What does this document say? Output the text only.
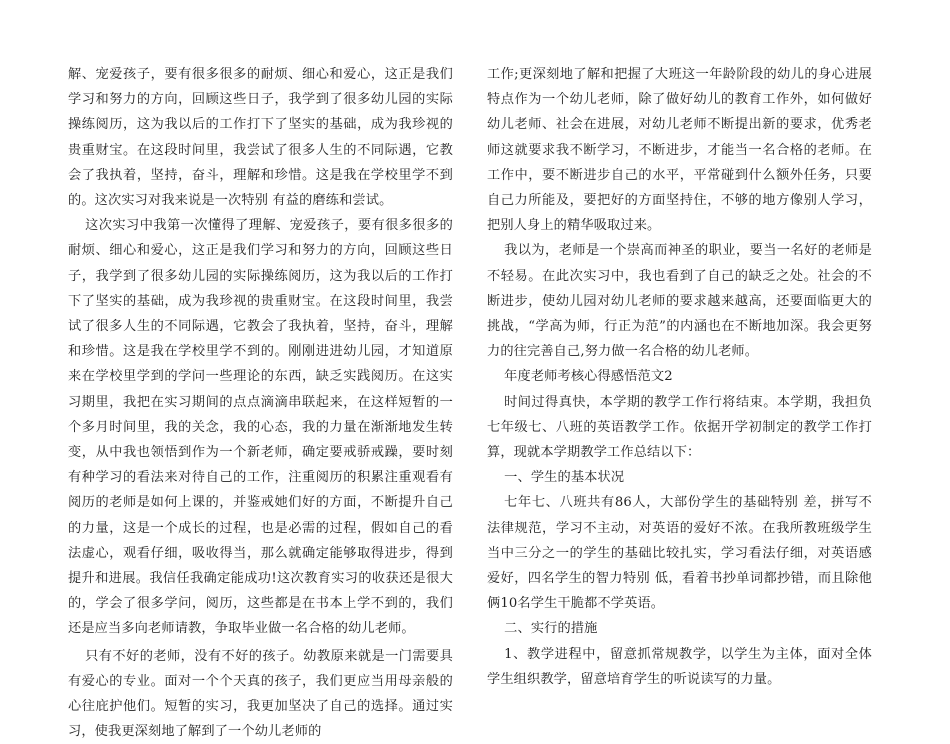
解、宠爱孩子，要有很多很多的耐烦、细心和爱心，这正是我们学习和努力的方向，回顾这些日子，我学到了很多幼儿园的实际操练阅历，这为我以后的工作打下了坚实的基础，成为我珍视的贵重财宝。在这段时间里，我尝试了很多人生的不同际遇，它教会了我执着，坚持，奋斗，理解和珍惜。这是我在学校里学不到的。这次实习对我来说是一次特别 有益的磨练和尝试。

这次实习中我第一次懂得了理解、宠爱孩子，要有很多很多的耐烦、细心和爱心，这正是我们学习和努力的方向，回顾这些日子，我学到了很多幼儿园的实际操练阅历，这为我以后的工作打下了坚实的基础，成为我珍视的贵重财宝。在这段时间里，我尝试了很多人生的不同际遇，它教会了我执着，坚持，奋斗，理解和珍惜。这是我在学校里学不到的。刚刚进进幼儿园，才知道原来在学校里学到的学问一些理论的东西，缺乏实践阅历。在这实习期里，我把在实习期间的点点滴滴串联起来，在这样短暂的一个多月时间里，我的关念，我的心态，我的力量在渐渐地发生转变，从中我也领悟到作为一个新老师，确定要戒骄戒躁，要时刻有种学习的看法来对待自己的工作，注重阅历的积累注重观看有阅历的老师是如何上课的，并鉴戒她们好的方面，不断提升自己的力量，这是一个成长的过程，也是必需的过程，假如自己的看法虚心，观看仔细，吸收得当，那么就确定能够取得进步，得到提升和进展。我信任我确定能成功!这次教育实习的收获还是很大的，学会了很多学问，阅历，这些都是在书本上学不到的，我们还是应当多向老师请教，争取毕业做一名合格的幼儿老师。

只有不好的老师，没有不好的孩子。幼教原来就是一门需要具有爱心的专业。面对一个个天真的孩子，我们更应当用母亲般的心往庇护他们。短暂的实习，我更加坚决了自己的选择。通过实习，使我更深刻地了解到了一个幼儿老师的

工作;更深刻地了解和把握了大班这一年龄阶段的幼儿的身心进展特点作为一个幼儿老师，除了做好幼儿的教育工作外，如何做好幼儿老师、社会在进展，对幼儿老师不断提出新的要求，优秀老师这就要求我不断学习，不断进步，才能当一名合格的老师。在工作中，要不断进步自己的水平，平常碰到什么额外任务，只要自己力所能及，要把好的方面坚持住，不够的地方像别人学习，把别人身上的精华吸取过来。

我以为，老师是一个崇高而神圣的职业，要当一名好的老师是不轻易。在此次实习中，我也看到了自己的缺乏之处。社会的不断进步，使幼儿园对幼儿老师的要求越来越高，还要面临更大的挑战，“学高为师，行正为范”的内涵也在不断地加深。我会更努力的往完善自己,努力做一名合格的幼儿老师。

年度老师考核心得感悟范文2

时间过得真快，本学期的教学工作行将结束。本学期，我担负七年级七、八班的英语教学工作。依据开学初制定的教学工作打算，现就本学期教学工作总结以下：

一、学生的基本状况

七年七、八班共有86人，大部份学生的基础特别 差，拼写不法律规范，学习不主动，对英语的爱好不浓。在我所教班级学生当中三分之一的学生的基础比较扎实，学习看法仔细，对英语感爱好，四名学生的智力特别 低，看着书抄单词都抄错，而且除他俩10名学生干脆都不学英语。

二、实行的措施

1、教学进程中，留意抓常规教学，以学生为主体，面对全体学生组织教学，留意培育学生的听说读写的力量。
